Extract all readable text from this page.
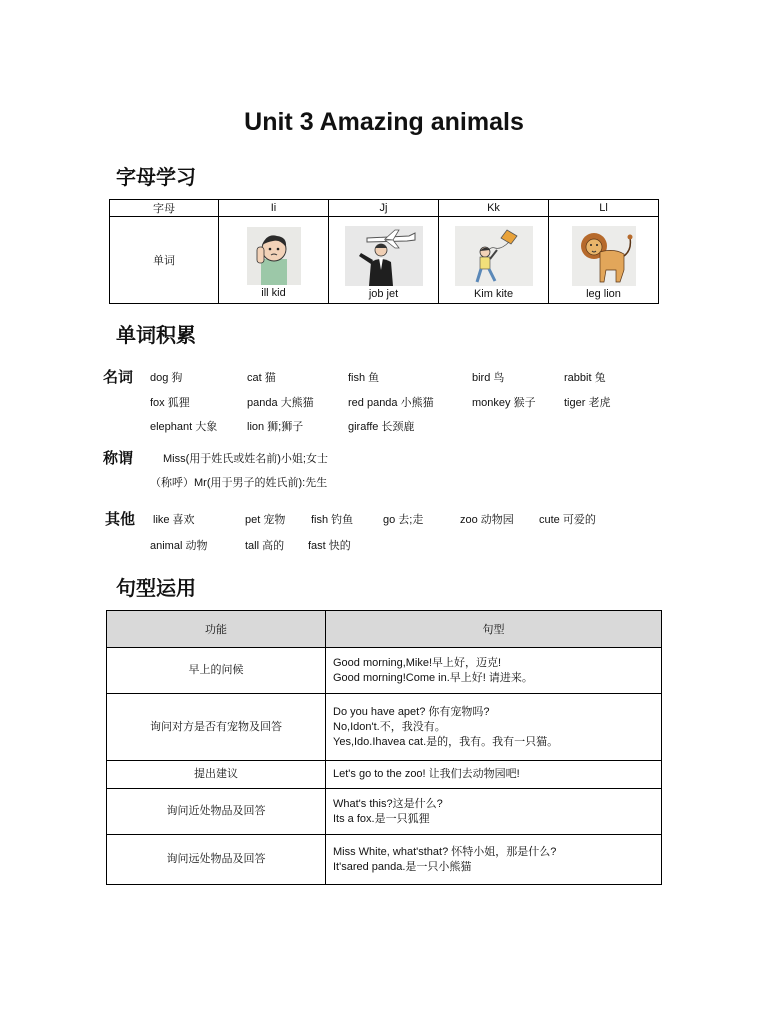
Unit 3 Amazing animals
字母学习
字母	Ii	Jj	Kk	Ll
单词	ill kid	job jet	Kim kite	leg lion
单词积累
名词 dog 狗	cat 猫	fish 鱼	bird 鸟	rabbit 兔
fox 狐狸	panda 大熊猫	red panda 小熊猫	monkey 猴子	tiger 老虎
elephant 大象	lion 狮;狮子	giraffe 长颈鹿
称谓	Miss(用于姓氏或姓名前)小姐;女士
（称呼）Mr(用于男子的姓氏前):先生
其他 like 喜欢	pet 宠物 fish 钓鱼	go 去;走	zoo 动物园 cute 可爱的
animal 动物	tall 高的 fast 快的
句型运用
功能	句型
早上的问候	Good morning,Mike!早上好，迈克!
Good morning!Come in.早上好! 请进来。

询问对方是否有宠物及回答	Do you have apet? 你有宠物吗?
No,Idon't.不，我没有。
Yes,Ido.Ihavea cat.是的，我有。我有一只猫。

提出建议	Let's go to the zoo! 让我们去动物园吧!

询问近处物品及回答	What's this?这是什么?
Its a fox.是一只狐狸

询问远处物品及回答	Miss White, what'sthat? 怀特小姐，那是什么?
It'sared panda.是一只小熊猫
